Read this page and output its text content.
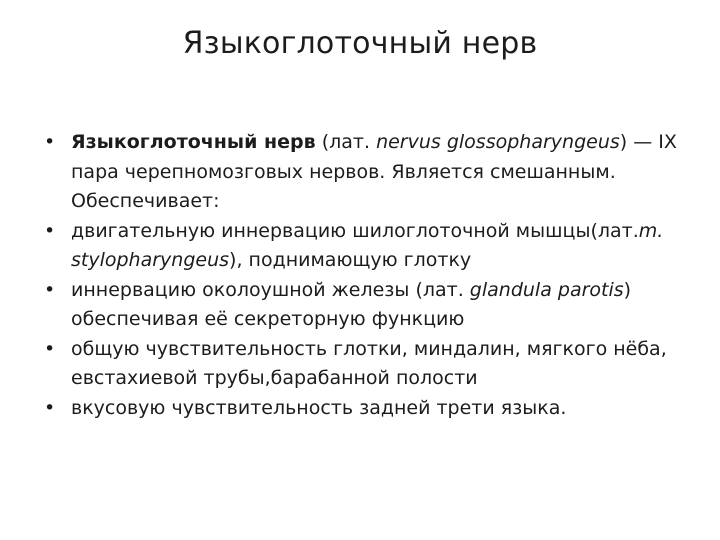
Языкоглоточный нерв
• Языкоглоточный нерв (лат. nervus glossopharyngeus) — IX пара черепномозговых нервов. Является смешанным. Обеспечивает:
• двигательную иннервацию шилоглоточной мышцы(лат.m. stylopharyngeus), поднимающую глотку
• иннервацию околоушной железы (лат. glandula parotis) обеспечивая её секреторную функцию
• общую чувствительность глотки, миндалин, мягкого нёба, евстахиевой трубы,барабанной полости
• вкусовую чувствительность задней трети языка.
